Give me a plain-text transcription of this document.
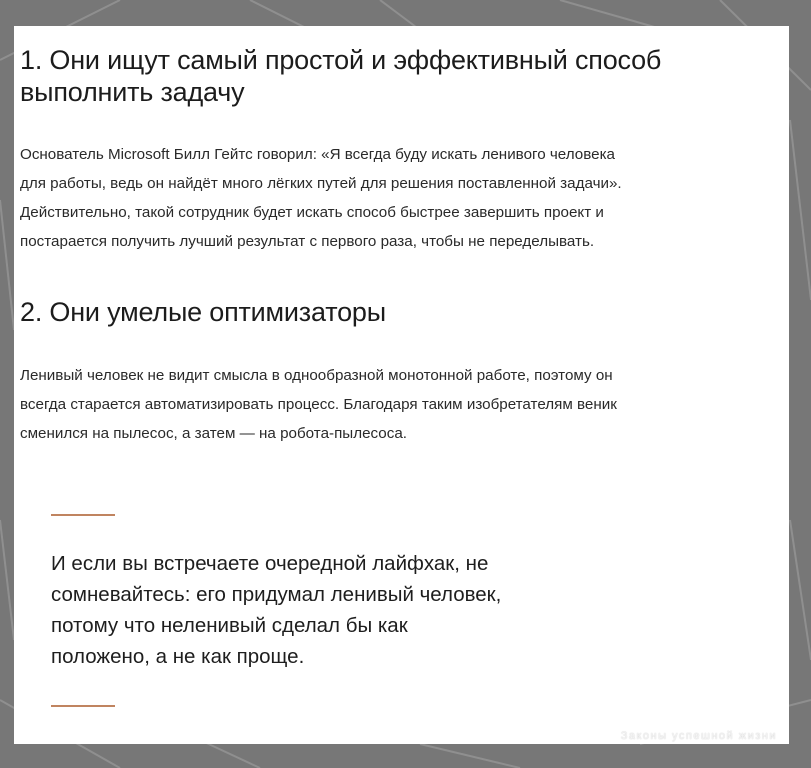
1. Они ищут самый простой и эффективный способ
выполнить задачу

Основатель Microsoft Билл Гейтс говорил: «Я всегда буду искать ленивого человека
для работы, ведь он найдёт много лёгких путей для решения поставленной задачи».
Действительно, такой сотрудник будет искать способ быстрее завершить проект и
постарается получить лучший результат с первого раза, чтобы не переделывать.

2. Они умелые оптимизаторы

Ленивый человек не видит смысла в однообразной монотонной работе, поэтому он
всегда старается автоматизировать процесс. Благодаря таким изобретателям веник
сменился на пылесос, а затем — на робота-пылесоса.

И если вы встречаете очередной лайфхак, не
сомневайтесь: его придумал ленивый человек,
потому что неленивый сделал бы как
положено, а не как проще.
Законы успешной жизни
